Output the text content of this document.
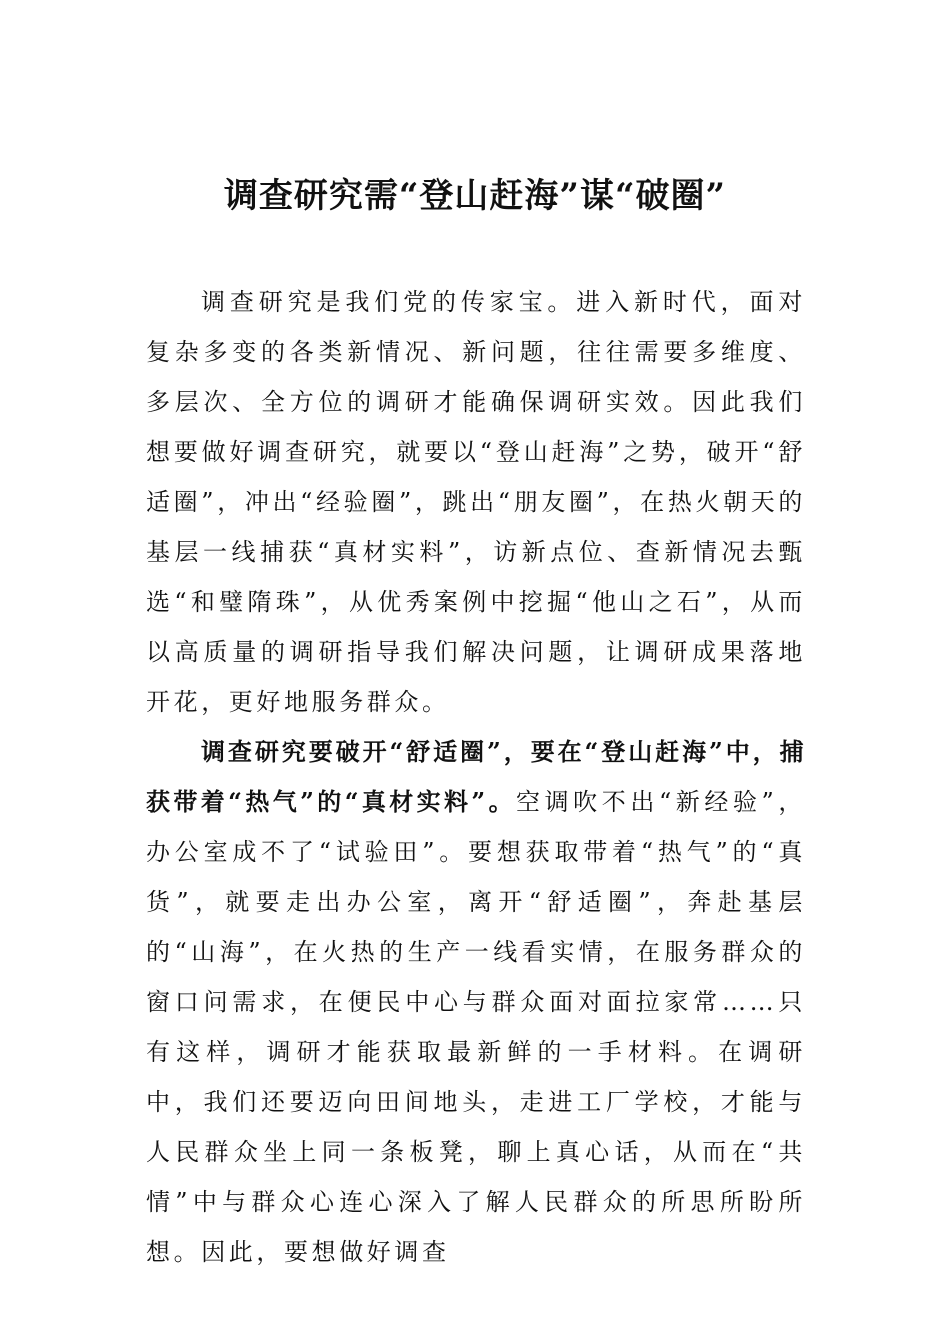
调查研究需“登山赶海”谋“破圈”

调查研究是我们党的传家宝。进入新时代，面对复杂多变的各类新情况、新问题，往往需要多维度、多层次、全方位的调研才能确保调研实效。因此我们想要做好调查研究，就要以“登山赶海”之势，破开“舒适圈”，冲出“经验圈”，跳出“朋友圈”，在热火朝天的基层一线捕获“真材实料”，访新点位、查新情况去甄选“和璧隋珠”，从优秀案例中挖掘“他山之石”，从而以高质量的调研指导我们解决问题，让调研成果落地开花，更好地服务群众。

调查研究要破开“舒适圈”，要在“登山赶海”中，捕获带着“热气”的“真材实料”。空调吹不出“新经验”，办公室成不了“试验田”。要想获取带着“热气”的“真货”，就要走出办公室，离开“舒适圈”，奔赴基层的“山海”，在火热的生产一线看实情，在服务群众的窗口问需求，在便民中心与群众面对面拉家常……只有这样，调研才能获取最新鲜的一手材料。在调研中，我们还要迈向田间地头，走进工厂学校，才能与人民群众坐上同一条板凳，聊上真心话，从而在“共情”中与群众心连心深入了解人民群众的所思所盼所想。因此，要想做好调查
